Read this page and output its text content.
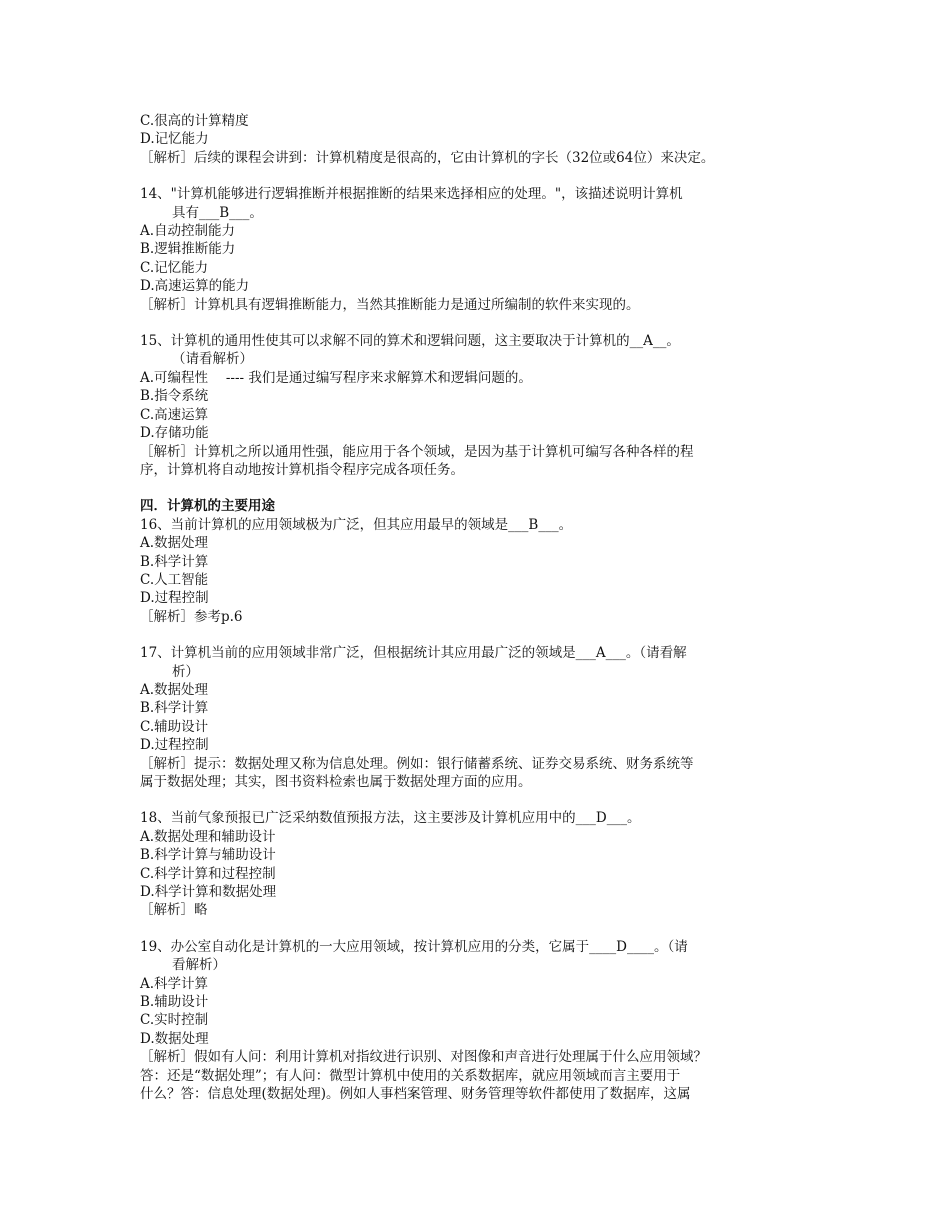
C.很高的计算精度

D.记忆能力

［解析］后续的课程会讲到：计算机精度是很高的，它由计算机的字长（32位或64位）来决定。

14、"计算机能够进行逻辑推断并根据推断的结果来选择相应的处理。"，该描述说明计算机

具有___B___。

A.自动控制能力

B.逻辑推断能力

C.记忆能力

D.高速运算的能力

［解析］计算机具有逻辑推断能力，当然其推断能力是通过所编制的软件来实现的。

15、计算机的通用性使其可以求解不同的算术和逻辑问题，这主要取决于计算机的__A__。

（请看解析）

A.可编程性　 ---- 我们是通过编写程序来求解算术和逻辑问题的。

B.指令系统

C.高速运算

D.存储功能

［解析］计算机之所以通用性强，能应用于各个领域，是因为基于计算机可编写各种各样的程

序，计算机将自动地按计算机指令程序完成各项任务。

四．计算机的主要用途

16、当前计算机的应用领域极为广泛，但其应用最早的领域是___B___。

A.数据处理

B.科学计算

C.人工智能

D.过程控制

［解析］参考p.6

17、计算机当前的应用领域非常广泛，但根据统计其应用最广泛的领域是___A___。（请看解

析）

A.数据处理

B.科学计算

C.辅助设计

D.过程控制

［解析］提示：数据处理又称为信息处理。例如：银行储蓄系统、证券交易系统、财务系统等

属于数据处理；其实，图书资料检索也属于数据处理方面的应用。

18、当前气象预报已广泛采纳数值预报方法，这主要涉及计算机应用中的___D___。

A.数据处理和辅助设计

B.科学计算与辅助设计

C.科学计算和过程控制

D.科学计算和数据处理

［解析］略

19、办公室自动化是计算机的一大应用领域，按计算机应用的分类，它属于____D____。（请

看解析）

A.科学计算

B.辅助设计

C.实时控制

D.数据处理

［解析］假如有人问：利用计算机对指纹进行识别、对图像和声音进行处理属于什么应用领域？

答：还是“数据处理”；有人问：微型计算机中使用的关系数据库，就应用领域而言主要用于

什么？答：信息处理(数据处理)。例如人事档案管理、财务管理等软件都使用了数据库，这属
